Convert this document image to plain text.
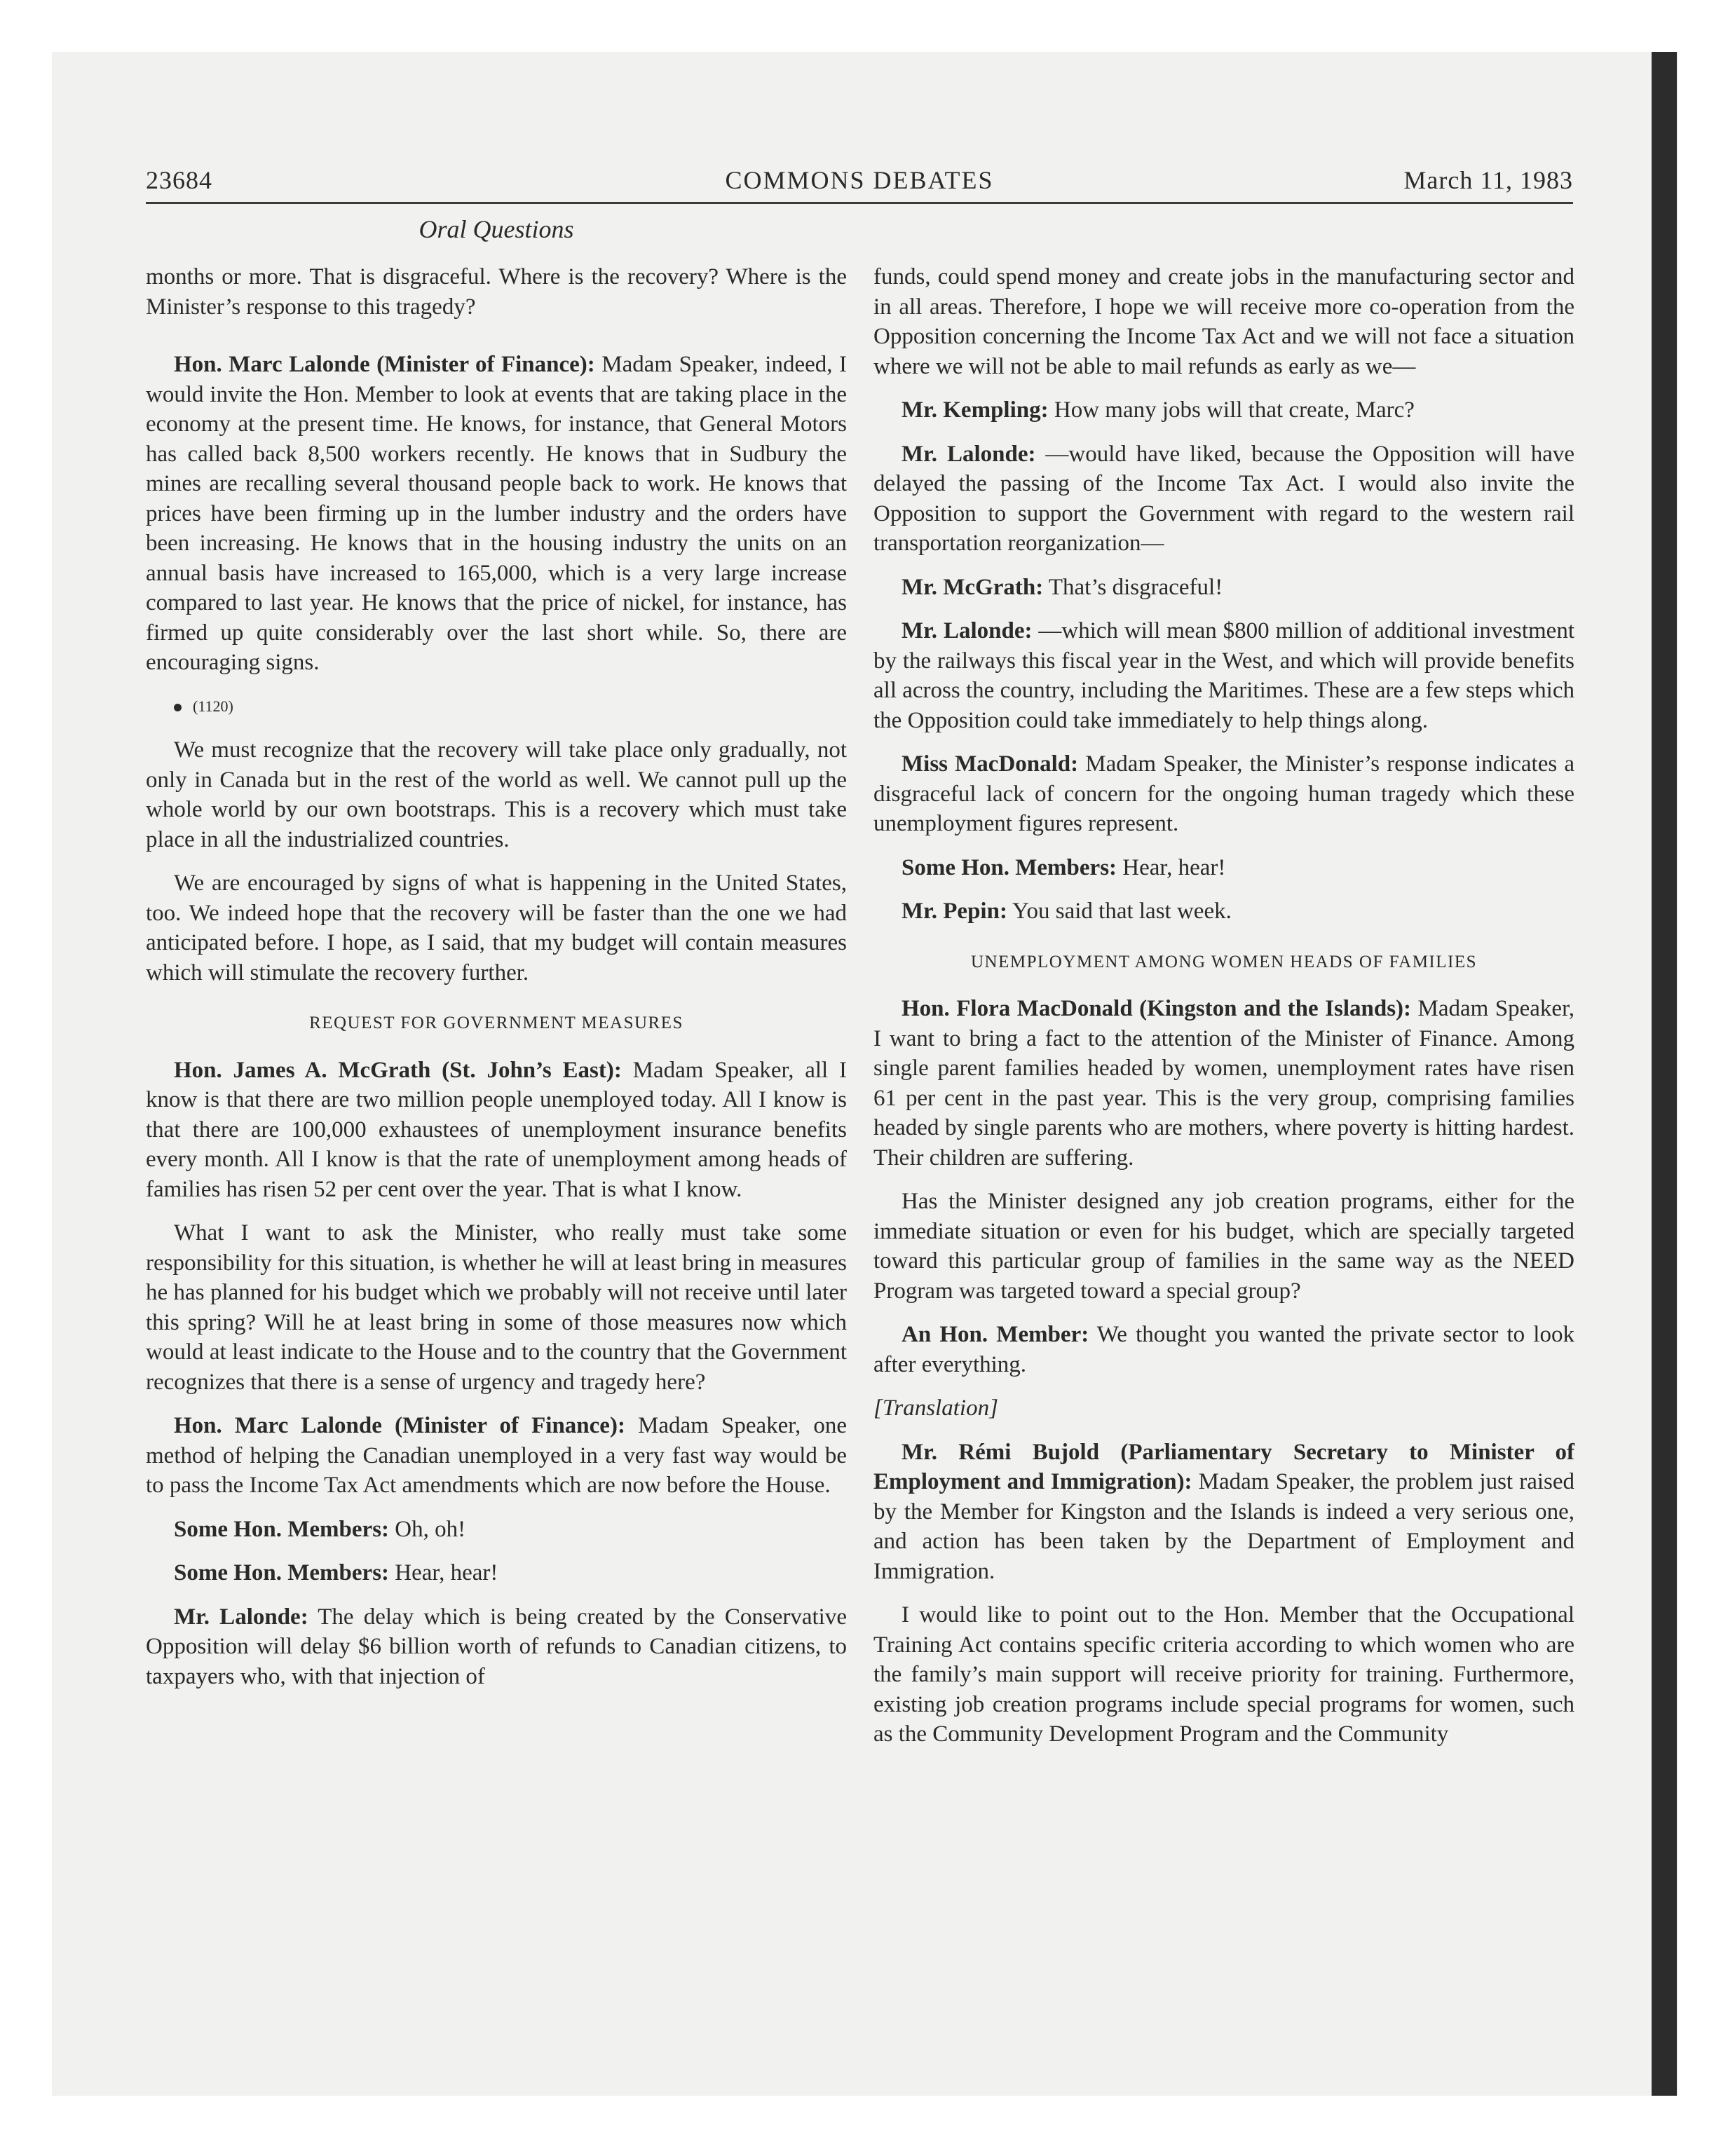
23684	COMMONS DEBATES	March 11, 1983
Oral Questions

months or more. That is disgraceful. Where is the recovery? Where is the Minister’s response to this tragedy?

Hon. Marc Lalonde (Minister of Finance): Madam Speaker, indeed, I would invite the Hon. Member to look at events that are taking place in the economy at the present time. He knows, for instance, that General Motors has called back 8,500 workers recently. He knows that in Sudbury the mines are recalling several thousand people back to work. He knows that prices have been firming up in the lumber industry and the orders have been increasing. He knows that in the housing industry the units on an annual basis have increased to 165,000, which is a very large increase compared to last year. He knows that the price of nickel, for instance, has firmed up quite considerably over the last short while. So, there are encouraging signs.

(1120)

We must recognize that the recovery will take place only gradually, not only in Canada but in the rest of the world as well. We cannot pull up the whole world by our own bootstraps. This is a recovery which must take place in all the industrialized countries.

We are encouraged by signs of what is happening in the United States, too. We indeed hope that the recovery will be faster than the one we had anticipated before. I hope, as I said, that my budget will contain measures which will stimulate the recovery further.

REQUEST FOR GOVERNMENT MEASURES

Hon. James A. McGrath (St. John’s East): Madam Speaker, all I know is that there are two million people unemployed today. All I know is that there are 100,000 exhaustees of unemployment insurance benefits every month. All I know is that the rate of unemployment among heads of families has risen 52 per cent over the year. That is what I know.

What I want to ask the Minister, who really must take some responsibility for this situation, is whether he will at least bring in measures he has planned for his budget which we probably will not receive until later this spring? Will he at least bring in some of those measures now which would at least indicate to the House and to the country that the Government recognizes that there is a sense of urgency and tragedy here?

Hon. Marc Lalonde (Minister of Finance): Madam Speaker, one method of helping the Canadian unemployed in a very fast way would be to pass the Income Tax Act amendments which are now before the House.

Some Hon. Members: Oh, oh!

Some Hon. Members: Hear, hear!

Mr. Lalonde: The delay which is being created by the Conservative Opposition will delay $6 billion worth of refunds to Canadian citizens, to taxpayers who, with that injection of

funds, could spend money and create jobs in the manufacturing sector and in all areas. Therefore, I hope we will receive more co-operation from the Opposition concerning the Income Tax Act and we will not face a situation where we will not be able to mail refunds as early as we—

Mr. Kempling: How many jobs will that create, Marc?

Mr. Lalonde: —would have liked, because the Opposition will have delayed the passing of the Income Tax Act. I would also invite the Opposition to support the Government with regard to the western rail transportation reorganization—

Mr. McGrath: That’s disgraceful!

Mr. Lalonde: —which will mean $800 million of additional investment by the railways this fiscal year in the West, and which will provide benefits all across the country, including the Maritimes. These are a few steps which the Opposition could take immediately to help things along.

Miss MacDonald: Madam Speaker, the Minister’s response indicates a disgraceful lack of concern for the ongoing human tragedy which these unemployment figures represent.

Some Hon. Members: Hear, hear!

Mr. Pepin: You said that last week.

UNEMPLOYMENT AMONG WOMEN HEADS OF FAMILIES

Hon. Flora MacDonald (Kingston and the Islands): Madam Speaker, I want to bring a fact to the attention of the Minister of Finance. Among single parent families headed by women, unemployment rates have risen 61 per cent in the past year. This is the very group, comprising families headed by single parents who are mothers, where poverty is hitting hardest. Their children are suffering.

Has the Minister designed any job creation programs, either for the immediate situation or even for his budget, which are specially targeted toward this particular group of families in the same way as the NEED Program was targeted toward a special group?

An Hon. Member: We thought you wanted the private sector to look after everything.

[Translation]

Mr. Rémi Bujold (Parliamentary Secretary to Minister of Employment and Immigration): Madam Speaker, the problem just raised by the Member for Kingston and the Islands is indeed a very serious one, and action has been taken by the Department of Employment and Immigration.

I would like to point out to the Hon. Member that the Occupational Training Act contains specific criteria according to which women who are the family’s main support will receive priority for training. Furthermore, existing job creation programs include special programs for women, such as the Community Development Program and the Community
